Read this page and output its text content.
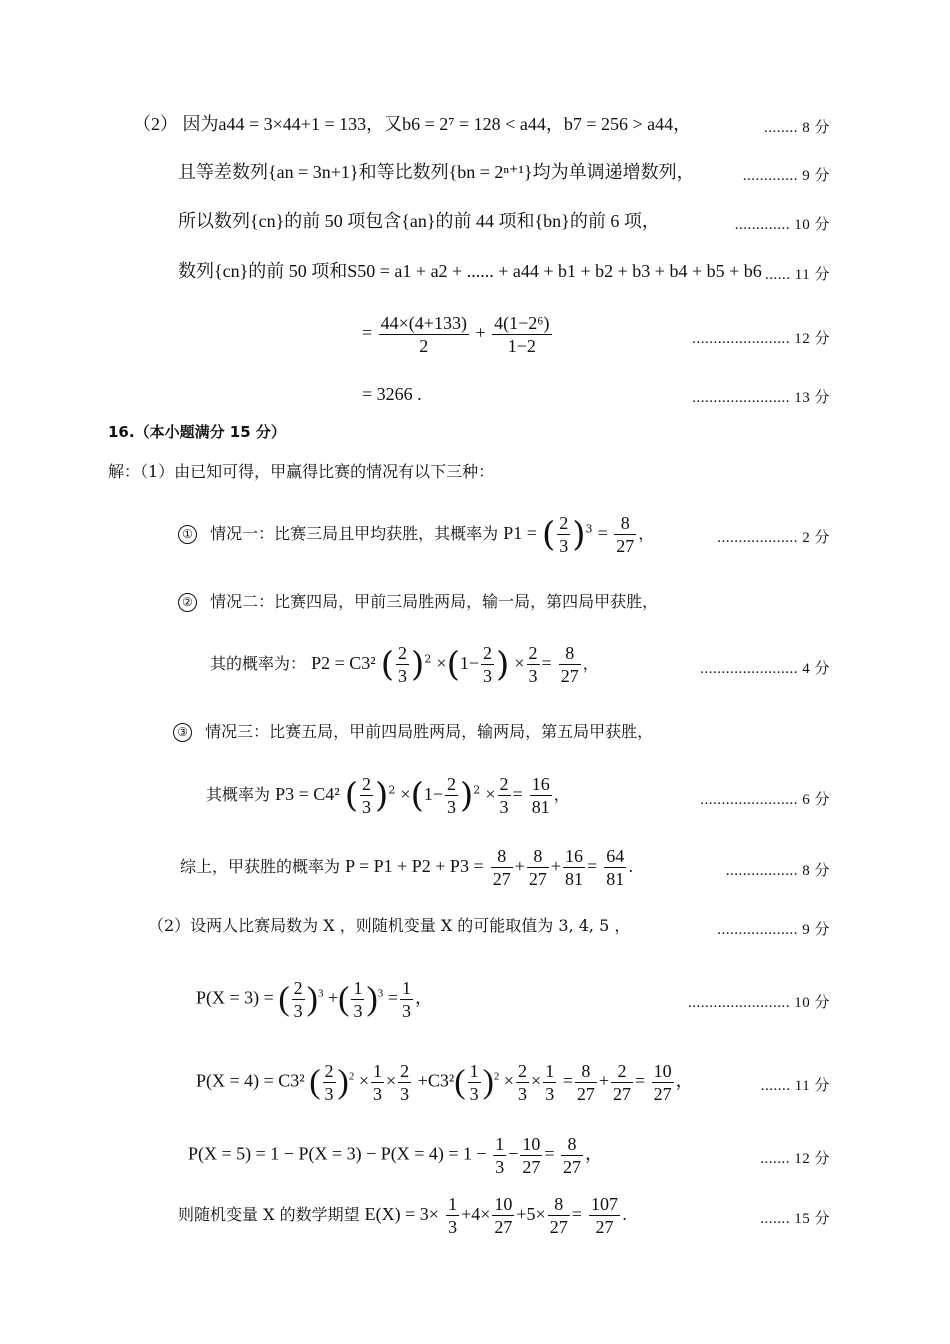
（2） 因为a44 = 3×44+1 = 133，又b6 = 2⁷ = 128 < a44，b7 = 256 > a44，	........ 8 分
且等差数列{an = 3n+1}和等比数列{bn = 2ⁿ⁺¹}均为单调递增数列，	............. 9 分
所以数列{cn}的前 50 项包含{an}的前 44 项和{bn}的前 6 项，	............. 10 分
数列{cn}的前 50 项和S50 = a1 + a2 + ...... + a44 + b1 + b2 + b3 + b4 + b5 + b6 ...... 11 分
= $\frac{44\times(4+133)}{2} + \frac{\text{4(1−2⁶)}}{1-2}$	....................... 12 分
= 3266 .	....................... 13 分
16.（本小题满分 15 分）
解：（1）由已知可得，甲赢得比赛的情况有以下三种：
① 情况一：比赛三局且甲均获胜，其概率为 P1 = ( $\frac{2}{3} )^3 = \frac{8}{27}$ ，	................... 2 分
② 情况二：比赛四局，甲前三局胜两局，输一局，第四局甲获胜，
其的概率为： P2 = C3² ( $\frac{2}{3} )^2 \times(1- \frac{2}{3}$ ) × $\frac{2}{3} = \frac{8}{27}$ ，	....................... 4 分
③ 情况三：比赛五局，甲前四局胜两局，输两局，第五局甲获胜，
其概率为 P3 = C4² ( $\frac{2}{3} )^2 \times(1- \frac{2}{3} )^2 \times \frac{2}{3} = \frac{16}{81}$ ，	....................... 6 分
综上，甲获胜的概率为 $P = P1 + P2 + P3 = \frac{8}{27} + \frac{8}{27} + \frac{16}{81} = \frac{64}{81}$ .	................. 8 分
（2）设两人比赛局数为 X ，则随机变量 X 的可能取值为 3, 4, 5 ，	................... 9 分
P(X = 3) = ( $\frac{2}{3} )^3$ +( $\frac{1}{3} )^3 = \frac{1}{3}$ ，	........................ 10 分
P(X = 4) = C3² ( $\frac{2}{3} )^2 \times \frac{1}{3} \times \frac{2}{3} +C3^2( \frac{1}{3} )^2 \times \frac{2}{3} \times \frac{1}{3} = \frac{8}{27} + \frac{2}{27} = \frac{10}{27}$ ，	....... 11 分
$P(X = 5) = 1 - P(X = 3) - P(X = 4) = 1 - \frac{1}{3} - \frac{10}{27} = \frac{8}{27}$ ，	....... 12 分
则随机变量 X 的数学期望 $E(X) = 3\times \frac{1}{3} +4\times \frac{10}{27} +5\times \frac{8}{27} = \frac{107}{27}$ .	....... 15 分
